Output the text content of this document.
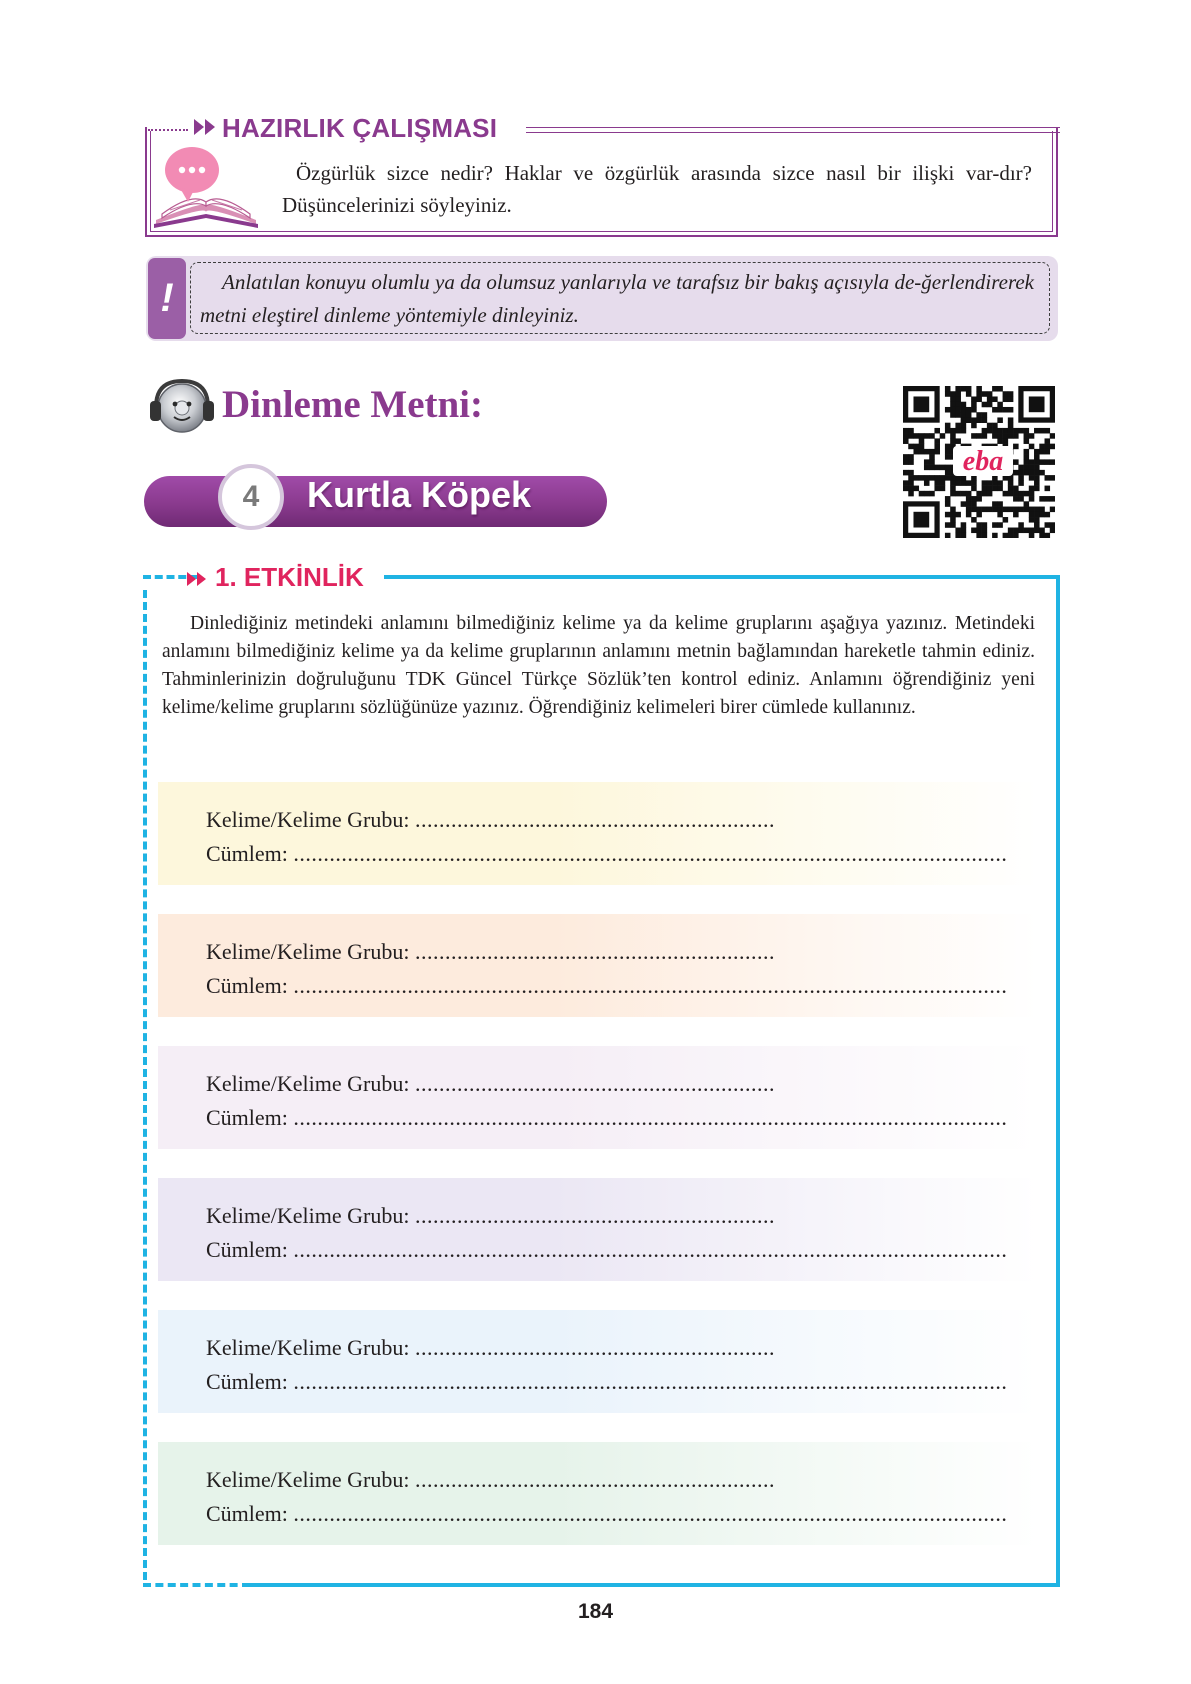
HAZIRLIK ÇALIŞMASI
Özgürlük sizce nedir? Haklar ve özgürlük arasında sizce nasıl bir ilişki var-dır? Düşüncelerinizi söyleyiniz.
!	Anlatılan konuyu olumlu ya da olumsuz yanlarıyla ve tarafsız bir bakış açısıyla de-ğerlendirerek metni eleştirel dinleme yöntemiyle dinleyiniz.
Dinleme Metni:
eba
4	Kurtla Köpek
1. ETKİNLİK
Dinlediğiniz metindeki anlamını bilmediğiniz kelime ya da kelime gruplarını aşağıya yazınız. Metindeki anlamını bilmediğiniz kelime ya da kelime gruplarının anlamını metnin bağlamından hareketle tahmin ediniz. Tahminlerinizin doğruluğunu TDK Güncel Türkçe Sözlük’ten kontrol ediniz. Anlamını öğrendiğiniz yeni kelime/kelime gruplarını sözlüğünüze yazınız. Öğrendiğiniz kelimeleri birer cümlede kullanınız.
Kelime/Kelime Grubu: ............................................................
Cümlem: .......................................................................................................................
Kelime/Kelime Grubu: ............................................................
Cümlem: .......................................................................................................................
Kelime/Kelime Grubu: ............................................................
Cümlem: .......................................................................................................................
Kelime/Kelime Grubu: ............................................................
Cümlem: .......................................................................................................................
Kelime/Kelime Grubu: ............................................................
Cümlem: .......................................................................................................................
Kelime/Kelime Grubu: ............................................................
Cümlem: .......................................................................................................................
184
